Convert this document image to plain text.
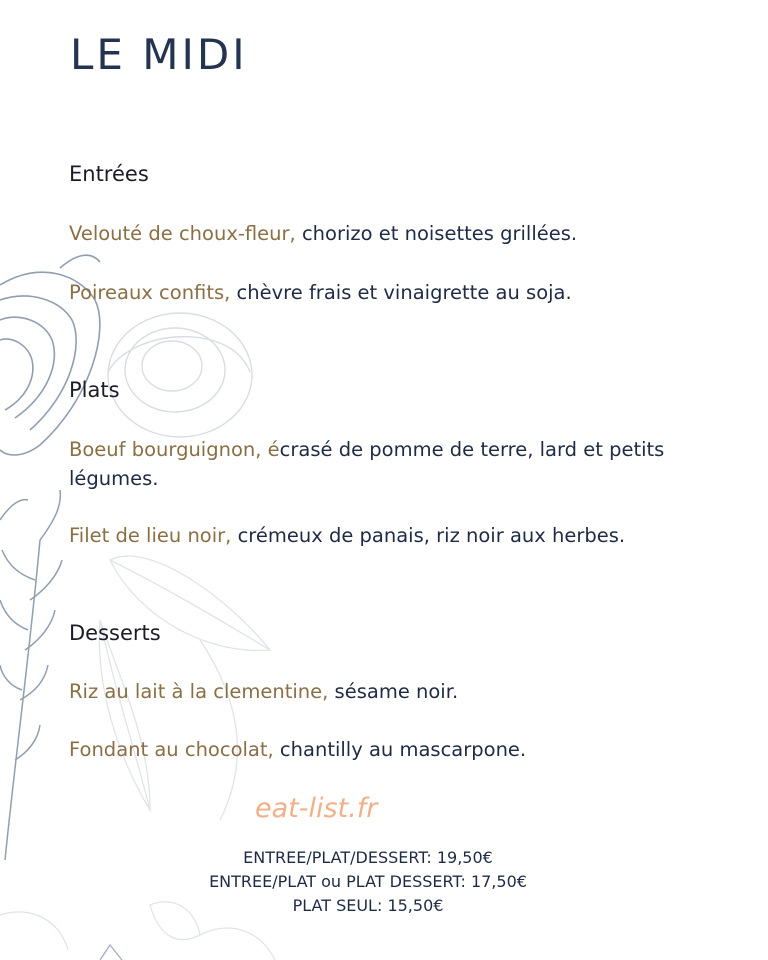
LE MIDI
Entrées

Velouté de choux-fleur, chorizo et noisettes grillées.

Poireaux confits, chèvre frais et vinaigrette au soja.

Plats

Boeuf bourguignon, écrasé de pomme de terre, lard et petits légumes.

Filet de lieu noir, crémeux de panais, riz noir aux herbes.

Desserts

Riz au lait à la clementine, sésame noir.

Fondant au chocolat, chantilly au mascarpone.

eat-list.fr
ENTREE/PLAT/DESSERT: 19,50€
ENTREE/PLAT ou PLAT DESSERT: 17,50€
PLAT SEUL: 15,50€
